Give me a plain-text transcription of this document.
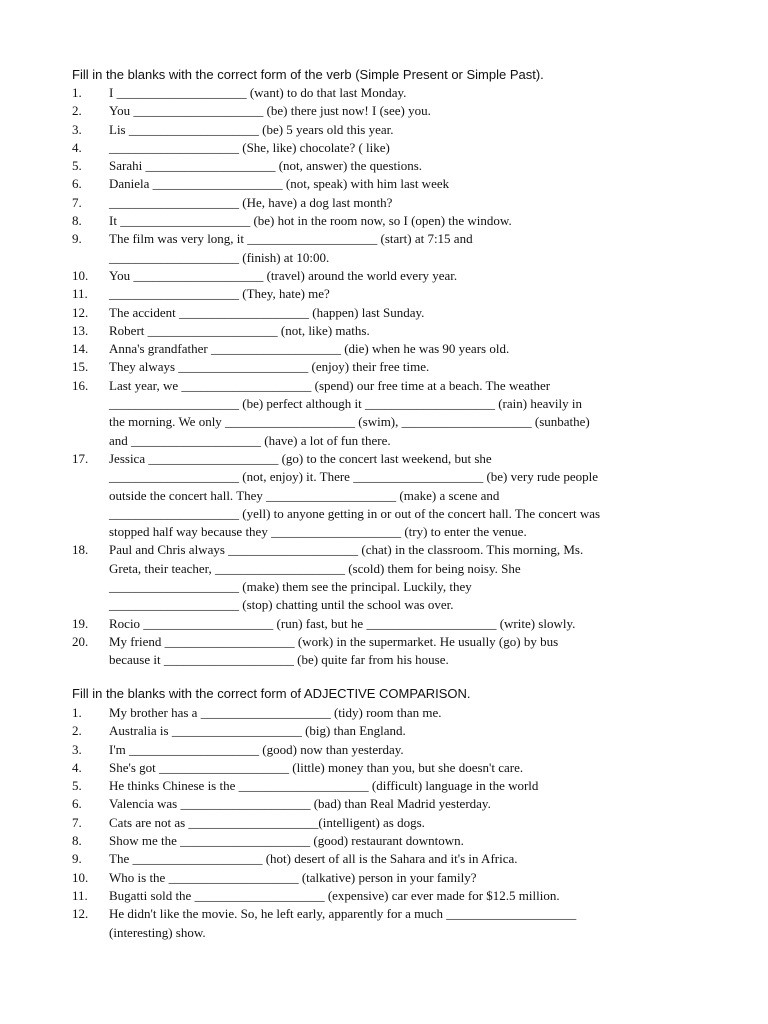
Fill in the blanks with the correct form of the verb (Simple Present or Simple Past).

1.	I ____________________ (want) to do that last Monday.
2.	You ____________________ (be) there just now! I (see) you.
3.	Lis ____________________ (be) 5 years old this year.
4.	____________________ (She, like) chocolate? ( like)
5.	Sarahi ____________________ (not, answer) the questions.
6.	Daniela ____________________ (not, speak) with him last week
7.	____________________ (He, have) a dog last month?
8.	It ____________________ (be) hot in the room now, so I (open) the window.
9.	The film was very long, it ____________________ (start) at 7:15 and
____________________ (finish) at 10:00.
10.	You ____________________ (travel) around the world every year.
11.	____________________ (They, hate) me?
12.	The accident ____________________ (happen) last Sunday.
13.	Robert ____________________ (not, like) maths.
14.	Anna's grandfather ____________________ (die) when he was 90 years old.
15.	They always ____________________ (enjoy) their free time.
16.	Last year, we ____________________ (spend) our free time at a beach. The weather
____________________ (be) perfect although it ____________________ (rain) heavily in
the morning. We only ____________________ (swim), ____________________ (sunbathe)
and ____________________ (have) a lot of fun there.
17.	Jessica ____________________ (go) to the concert last weekend, but she
____________________ (not, enjoy) it. There ____________________ (be) very rude people
outside the concert hall. They ____________________ (make) a scene and
____________________ (yell) to anyone getting in or out of the concert hall. The concert was
stopped half way because they ____________________ (try) to enter the venue.
18.	Paul and Chris always ____________________ (chat) in the classroom. This morning, Ms.
Greta, their teacher, ____________________ (scold) them for being noisy. She
____________________ (make) them see the principal. Luckily, they
____________________ (stop) chatting until the school was over.
19.	Rocio ____________________ (run) fast, but he ____________________ (write) slowly.
20.	My friend ____________________ (work) in the supermarket. He usually (go) by bus
because it ____________________ (be) quite far from his house.

Fill in the blanks with the correct form of ADJECTIVE COMPARISON.

1.	My brother has a ____________________ (tidy) room than me.
2.	Australia is ____________________ (big) than England.
3.	I'm ____________________ (good) now than yesterday.
4.	She's got ____________________ (little) money than you, but she doesn't care.
5.	He thinks Chinese is the ____________________ (difficult) language in the world
6.	Valencia was ____________________ (bad) than Real Madrid yesterday.
7.	Cats are not as ____________________(intelligent) as dogs.
8.	Show me the ____________________ (good) restaurant downtown.
9.	The ____________________ (hot) desert of all is the Sahara and it's in Africa.
10.	Who is the ____________________ (talkative) person in your family?
11.	Bugatti sold the ____________________ (expensive) car ever made for $12.5 million.
12.	He didn't like the movie. So, he left early, apparently for a much ____________________
(interesting) show.
